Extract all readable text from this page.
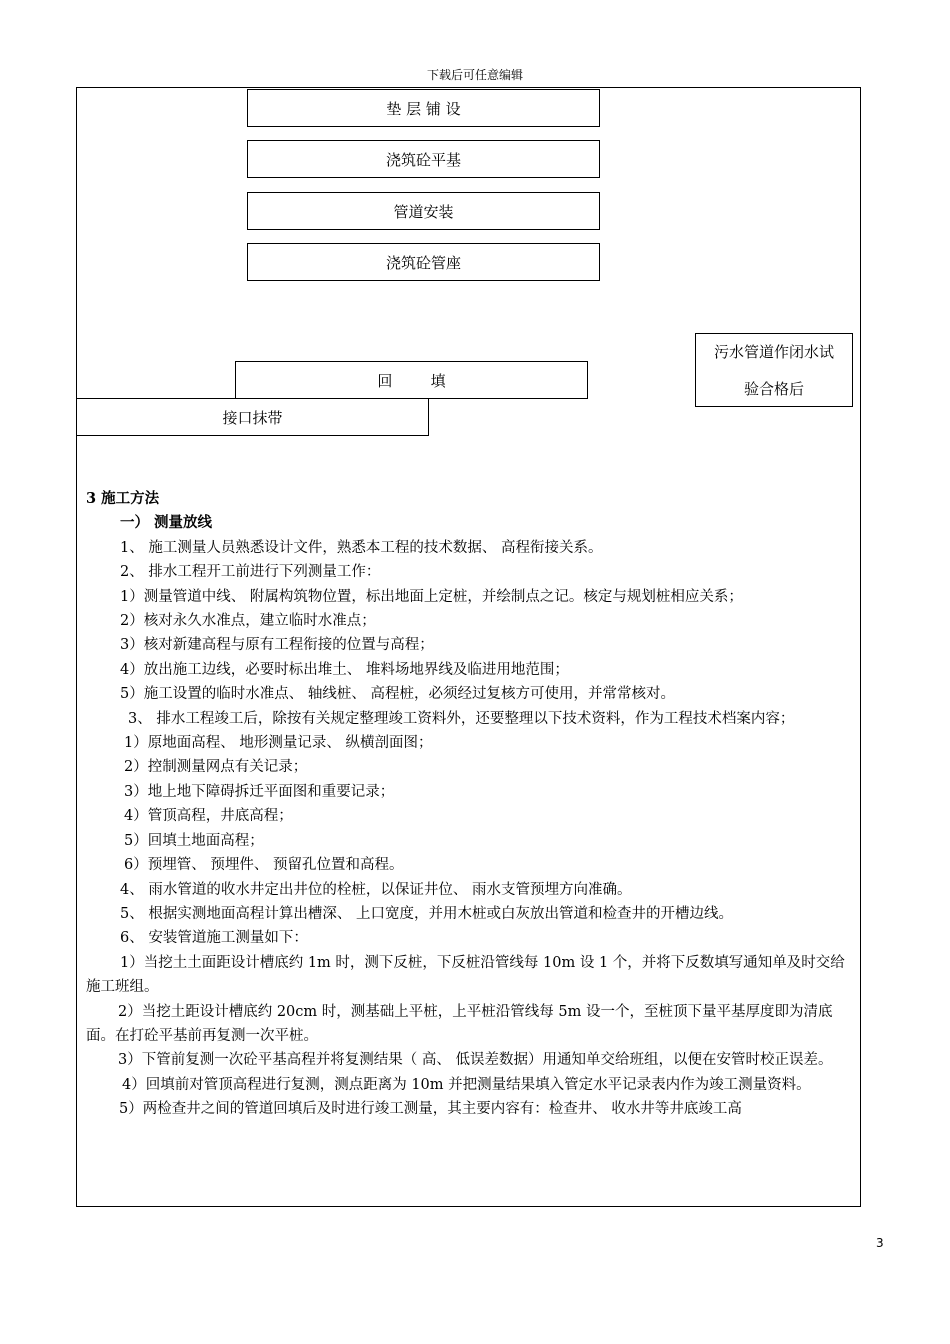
下载后可任意编辑
垫 层 铺 设
浇筑砼平基
管道安装
浇筑砼管座
污水管道作闭水试
验合格后
回        填
接口抹带

3 施工方法

一） 测量放线

1、 施工测量人员熟悉设计文件，熟悉本工程的技术数据、 高程衔接关系。

2、 排水工程开工前进行下列测量工作：

1）测量管道中线、 附属构筑物位置，标出地面上定桩，并绘制点之记。核定与规划桩相应关系；

2）核对永久水准点，建立临时水准点；

3）核对新建高程与原有工程衔接的位置与高程；

4）放出施工边线，必要时标出堆土、 堆料场地界线及临进用地范围；

5）施工设置的临时水准点、 轴线桩、 高程桩，必须经过复核方可使用，并常常核对。

3、 排水工程竣工后，除按有关规定整理竣工资料外，还要整理以下技术资料，作为工程技术档案内容；

1）原地面高程、 地形测量记录、 纵横剖面图；

2）控制测量网点有关记录；

3）地上地下障碍拆迁平面图和重要记录；

4）管顶高程，井底高程；

5）回填土地面高程；

6）预埋管、 预埋件、 预留孔位置和高程。

4、 雨水管道的收水井定出井位的栓桩，以保证井位、 雨水支管预埋方向准确。

5、 根据实测地面高程计算出槽深、 上口宽度，并用木桩或白灰放出管道和检查井的开槽边线。

6、 安装管道施工测量如下：

1）当挖土土面距设计槽底约 1m 时，测下反桩，下反桩沿管线每 10m 设 1 个，并将下反数填写通知单及时交给施工班组。

2）当挖土距设计槽底约 20cm 时，测基础上平桩，上平桩沿管线每 5m 设一个，至桩顶下量平基厚度即为清底面。在打砼平基前再复测一次平桩。

3）下管前复测一次砼平基高程并将复测结果（ 高、 低误差数据）用通知单交给班组，以便在安管时校正误差。

4）回填前对管顶高程进行复测，测点距离为 10m 并把测量结果填入管定水平记录表内作为竣工测量资料。

5）两检查井之间的管道回填后及时进行竣工测量，其主要内容有：检查井、 收水井等井底竣工高

3
